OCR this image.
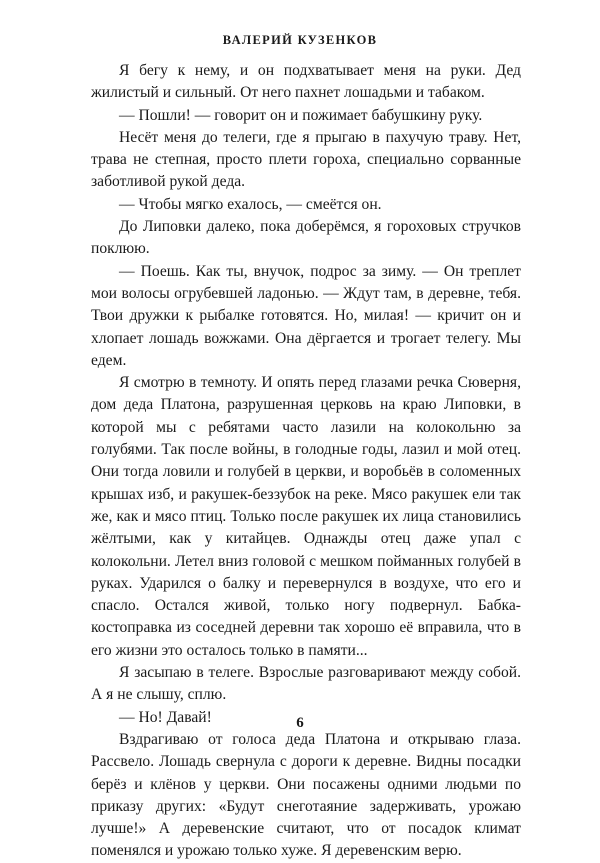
ВАЛЕРИЙ КУЗЕНКОВ

Я бегу к нему, и он подхватывает меня на руки. Дед жилистый и сильный. От него пахнет лошадьми и табаком.

— Пошли! — говорит он и пожимает бабушкину руку.

Несёт меня до телеги, где я прыгаю в пахучую траву. Нет, трава не степная, просто плети гороха, специально сорванные заботливой рукой деда.

— Чтобы мягко ехалось, — смеётся он.

До Липовки далеко, пока доберёмся, я гороховых стручков поклюю.

— Поешь. Как ты, внучок, подрос за зиму. — Он треплет мои волосы огрубевшей ладонью. — Ждут там, в деревне, тебя. Твои дружки к рыбалке готовятся. Но, милая! — кричит он и хлопает лошадь вожжами. Она дёргается и трогает телегу. Мы едем.

Я смотрю в темноту. И опять перед глазами речка Сюверня, дом деда Платона, разрушенная церковь на краю Липовки, в которой мы с ребятами часто лазили на колокольню за голубями. Так после войны, в голодные годы, лазил и мой отец. Они тогда ловили и голубей в церкви, и воробьёв в соломенных крышах изб, и ракушек-беззубок на реке. Мясо ракушек ели так же, как и мясо птиц. Только после ракушек их лица становились жёлтыми, как у китайцев. Однажды отец даже упал с колокольни. Летел вниз головой с мешком пойманных голубей в руках. Ударился о балку и перевернулся в воздухе, что его и спасло. Остался живой, только ногу подвернул. Бабка-костоправка из соседней деревни так хорошо её вправила, что в его жизни это осталось только в памяти...

Я засыпаю в телеге. Взрослые разговаривают между собой. А я не слышу, сплю.

— Но! Давай!

Вздрагиваю от голоса деда Платона и открываю глаза. Рассвело. Лошадь свернула с дороги к деревне. Видны посадки берёз и клёнов у церкви. Они посажены одними людьми по приказу других: «Будут снеготаяние задерживать, урожаю лучше!» А деревенские считают, что от посадок климат поменялся и урожаю только хуже. Я деревенским верю.

6
